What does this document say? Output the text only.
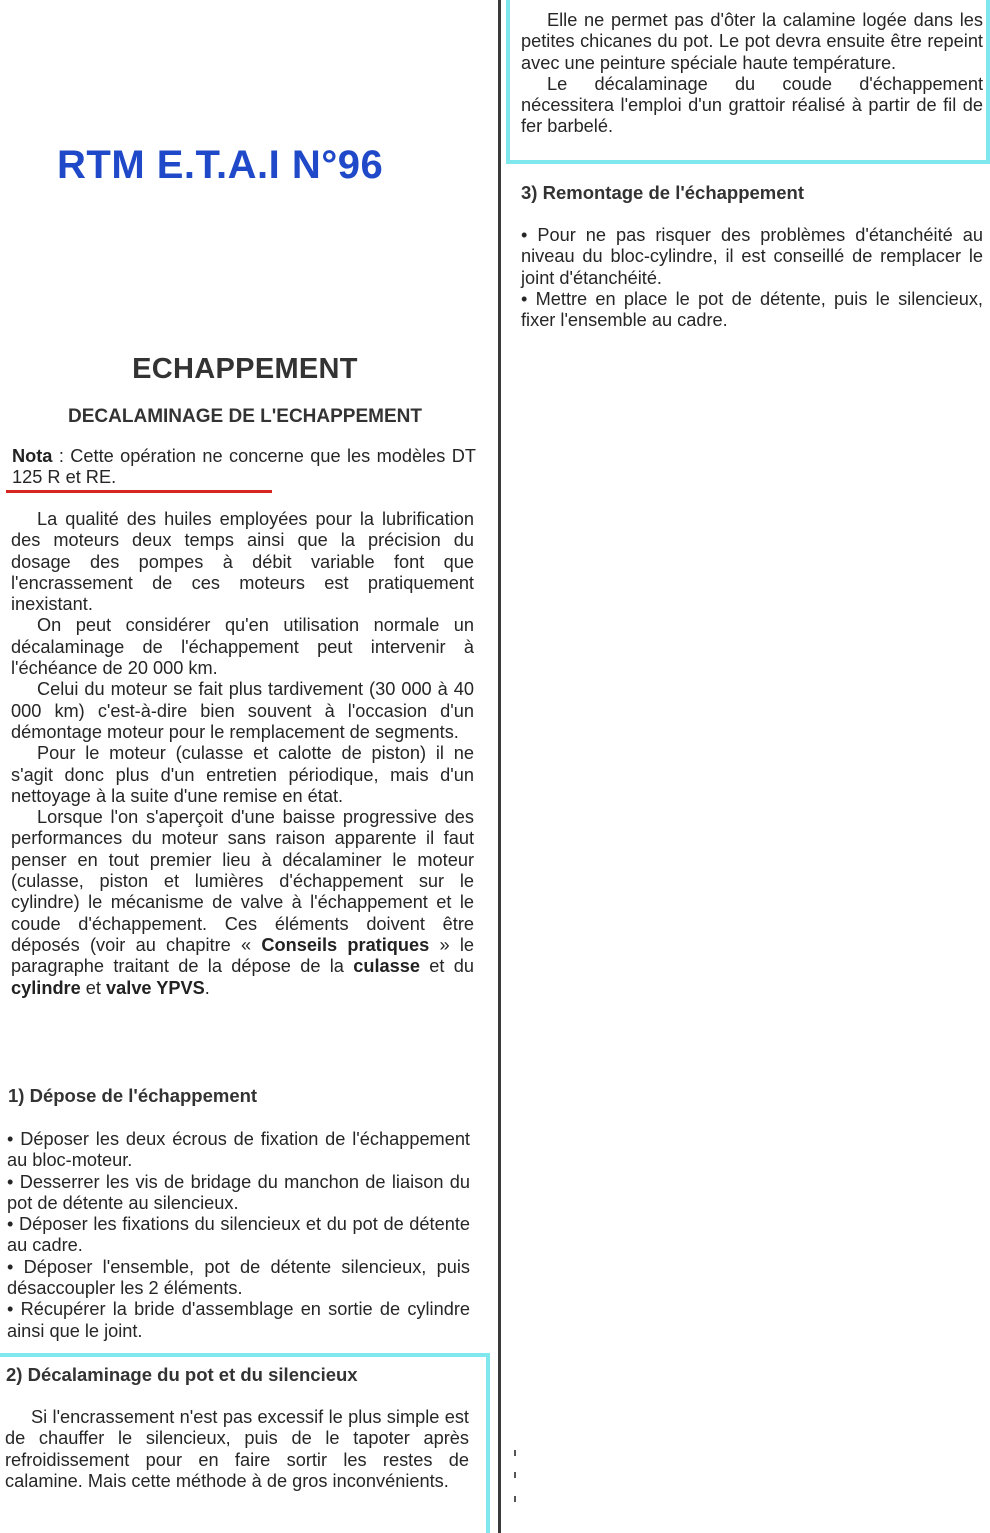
RTM E.T.A.I N°96
ECHAPPEMENT
DECALAMINAGE DE L'ECHAPPEMENT

Nota : Cette opération ne concerne que les modèles DT 125 R et RE.

La qualité des huiles employées pour la lubrification des moteurs deux temps ainsi que la précision du dosage des pompes à débit variable font que l'encrassement de ces moteurs est pratiquement inexistant.

On peut considérer qu'en utilisation normale un décalaminage de l'échappement peut intervenir à l'échéance de 20 000 km.

Celui du moteur se fait plus tardivement (30 000 à 40 000 km) c'est-à-dire bien souvent à l'occasion d'un démontage moteur pour le remplacement de segments.

Pour le moteur (culasse et calotte de piston) il ne s'agit donc plus d'un entretien périodique, mais d'un nettoyage à la suite d'une remise en état.

Lorsque l'on s'aperçoit d'une baisse progressive des performances du moteur sans raison apparente il faut penser en tout premier lieu à décalaminer le moteur (culasse, piston et lumières d'échappement sur le cylindre) le mécanisme de valve à l'échappement et le coude d'échappement. Ces éléments doivent être déposés (voir au chapitre « Conseils pratiques » le paragraphe traitant de la dépose de la culasse et du cylindre et valve YPVS.

1) Dépose de l'échappement

• Déposer les deux écrous de fixation de l'échappement au bloc-moteur.

• Desserrer les vis de bridage du manchon de liaison du pot de détente au silencieux.

• Déposer les fixations du silencieux et du pot de détente au cadre.

• Déposer l'ensemble, pot de détente silencieux, puis désaccoupler les 2 éléments.

• Récupérer la bride d'assemblage en sortie de cylindre ainsi que le joint.

2) Décalaminage du pot et du silencieux

Si l'encrassement n'est pas excessif le plus simple est de chauffer le silencieux, puis de le tapoter après refroidissement pour en faire sortir les restes de calamine. Mais cette méthode à de gros inconvénients.

Elle ne permet pas d'ôter la calamine logée dans les petites chicanes du pot. Le pot devra ensuite être repeint avec une peinture spéciale haute température.

Le décalaminage du coude d'échappement nécessitera l'emploi d'un grattoir réalisé à partir de fil de fer barbelé.

3) Remontage de l'échappement

• Pour ne pas risquer des problèmes d'étanchéité au niveau du bloc-cylindre, il est conseillé de remplacer le joint d'étanchéité.

• Mettre en place le pot de détente, puis le silencieux, fixer l'ensemble au cadre.
